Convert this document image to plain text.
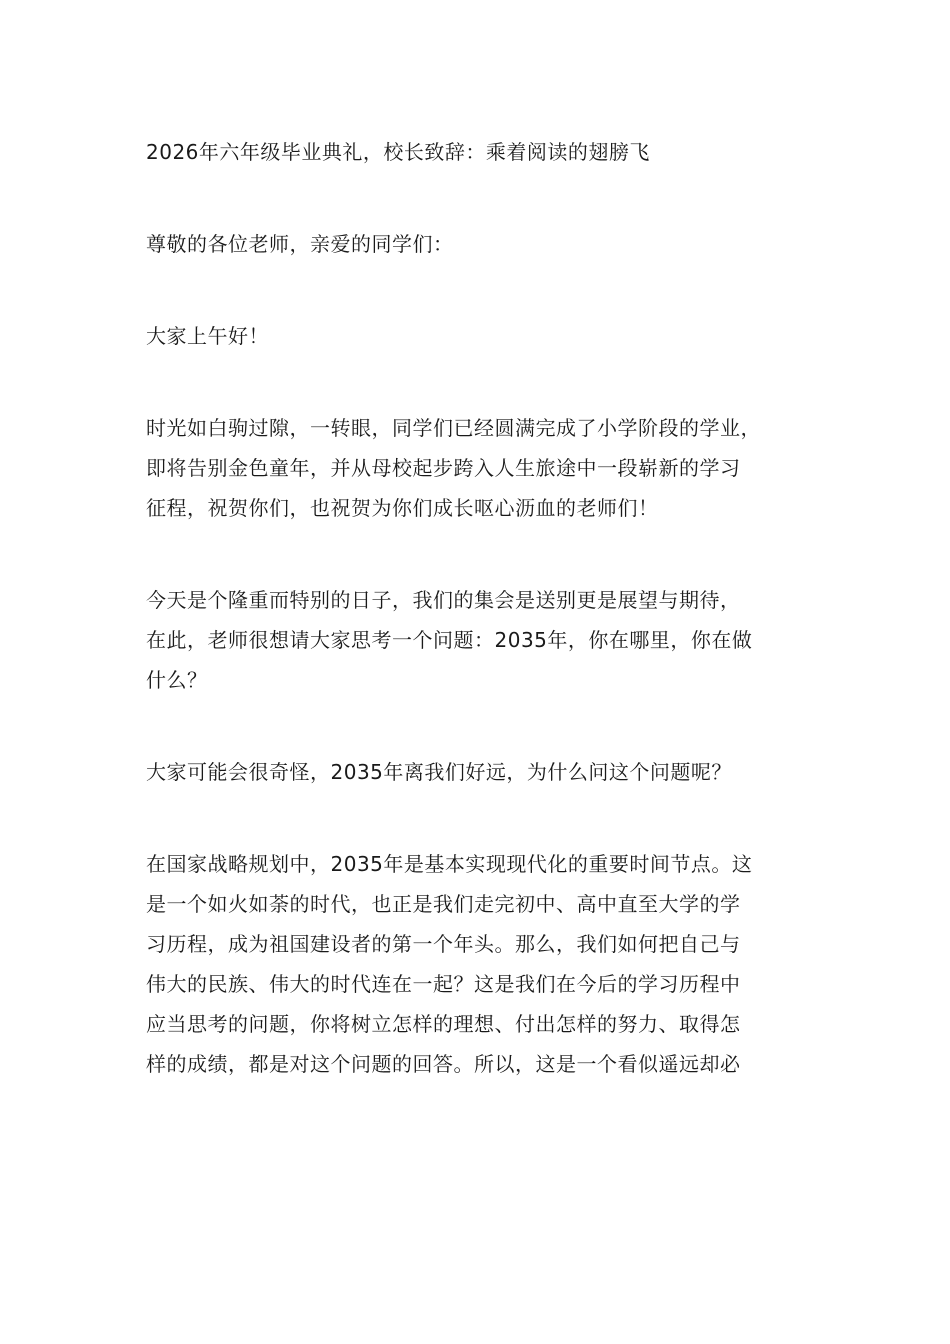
2026年六年级毕业典礼，校长致辞：乘着阅读的翅膀飞

尊敬的各位老师，亲爱的同学们：

大家上午好！

时光如白驹过隙，一转眼，同学们已经圆满完成了小学阶段的学业，
即将告别金色童年，并从母校起步跨入人生旅途中一段崭新的学习
征程，祝贺你们，也祝贺为你们成长呕心沥血的老师们！

今天是个隆重而特别的日子，我们的集会是送别更是展望与期待，
在此，老师很想请大家思考一个问题：2035年，你在哪里，你在做
什么？

大家可能会很奇怪，2035年离我们好远，为什么问这个问题呢？

在国家战略规划中，2035年是基本实现现代化的重要时间节点。这
是一个如火如荼的时代，也正是我们走完初中、高中直至大学的学
习历程，成为祖国建设者的第一个年头。那么，我们如何把自己与
伟大的民族、伟大的时代连在一起？这是我们在今后的学习历程中
应当思考的问题，你将树立怎样的理想、付出怎样的努力、取得怎
样的成绩，都是对这个问题的回答。所以，这是一个看似遥远却必
